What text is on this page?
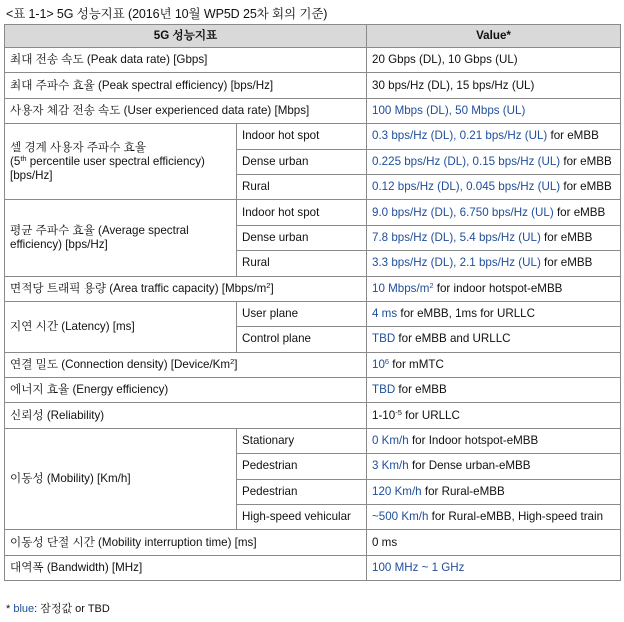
<표 1-1> 5G 성능지표 (2016년 10월 WP5D 25차 회의 기준)
5G 성능지표		Value*
최대 전송 속도 (Peak data rate) [Gbps]		20 Gbps (DL), 10 Gbps (UL)
최대 주파수 효율 (Peak spectral efficiency) [bps/Hz]		30 bps/Hz (DL), 15 bps/Hz (UL)
사용자 체감 전송 속도 (User experienced data rate) [Mbps]		100 Mbps (DL), 50 Mbps (UL)
셀 경계 사용자 주파수 효율
(5th percentile user spectral efficiency)
[bps/Hz]	Indoor hot spot	0.3 bps/Hz (DL), 0.21 bps/Hz (UL) for eMBB
	Dense urban	0.225 bps/Hz (DL), 0.15 bps/Hz (UL) for eMBB
	Rural	0.12 bps/Hz (DL), 0.045 bps/Hz (UL) for eMBB
평균 주파수 효율 (Average spectral
efficiency) [bps/Hz]	Indoor hot spot	9.0 bps/Hz (DL), 6.750 bps/Hz (UL) for eMBB
	Dense urban	7.8 bps/Hz (DL), 5.4 bps/Hz (UL) for eMBB
	Rural	3.3 bps/Hz (DL), 2.1 bps/Hz (UL) for eMBB
면적당 트래픽 용량 (Area traffic capacity) $[Mbps/m^2]$		10 Mbps/$m^2$ for indoor hotspot-eMBB
지연 시간 (Latency) [ms]	User plane	4 ms for eMBB, 1ms for URLLC
	Control plane	TBD for eMBB and URLLC
연결 밀도 (Connection density) [Device/Km$^2$]		$10^6$ for mMTC
에너지 효율 (Energy efficiency)		TBD for eMBB
신뢰성 (Reliability)		$1-10^{-5}$ for URLLC
이동성 (Mobility) [Km/h]	Stationary	0 Km/h for Indoor hotspot-eMBB
	Pedestrian	3 Km/h for Dense urban-eMBB
	Pedestrian	120 Km/h for Rural-eMBB
	High-speed vehicular	~500 Km/h for Rural-eMBB, High-speed train
이동성 단절 시간 (Mobility interruption time) [ms]		0 ms
대역폭 (Bandwidth) [MHz]		100 MHz ~ 1 GHz
* blue: 잠정값 or TBD
